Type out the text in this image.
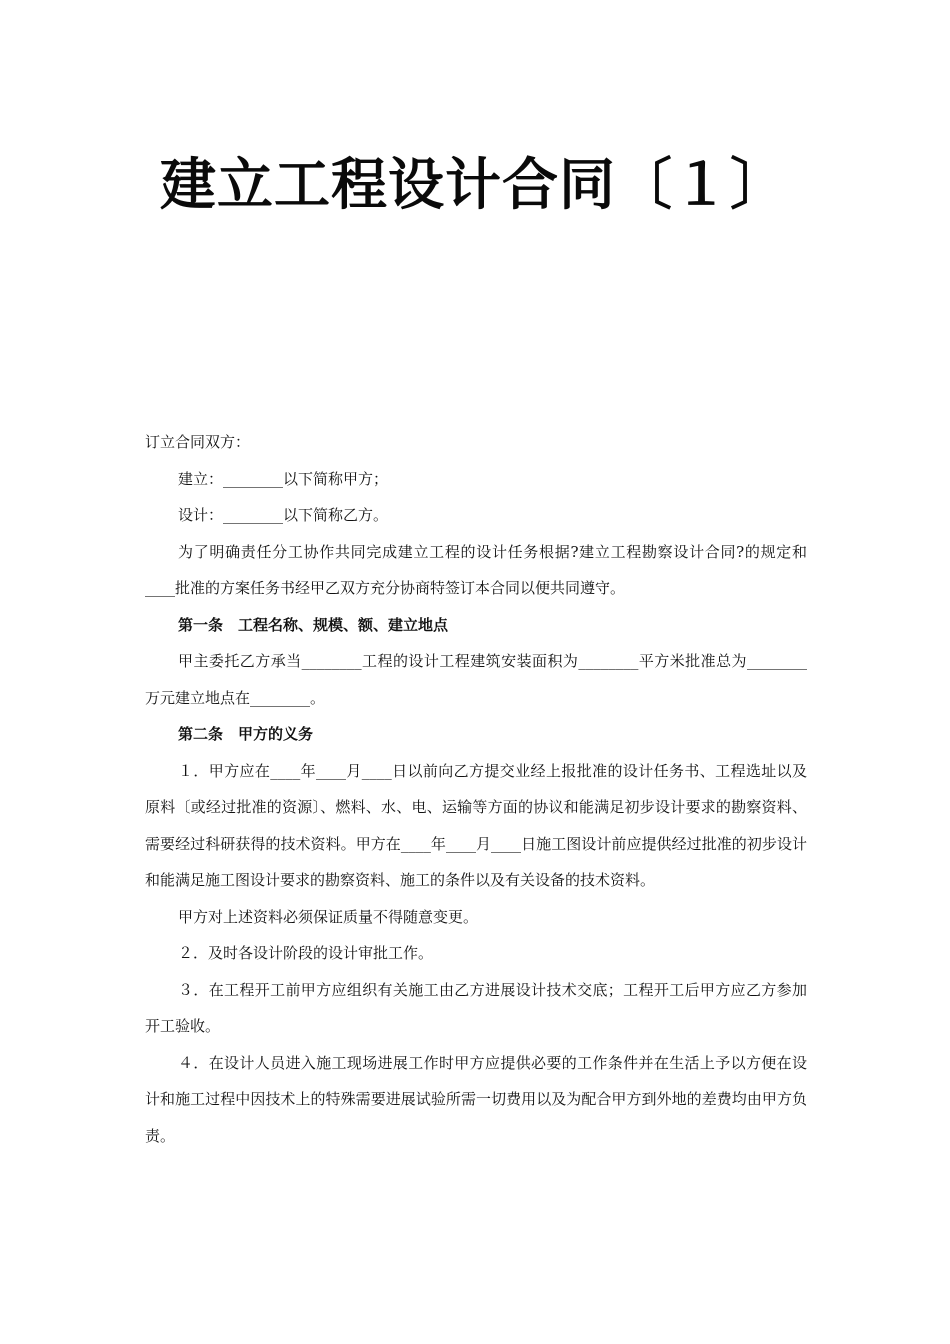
建立工程设计合同〔１〕

订立合同双方：

建立：________以下简称甲方；

设计：________以下简称乙方。

为了明确责任分工协作共同完成建立工程的设计任务根据?建立工程勘察设计合同?的规定和____批准的方案任务书经甲乙双方充分协商特签订本合同以便共同遵守。

第一条　工程名称、规模、额、建立地点

甲主委托乙方承当________工程的设计工程建筑安装面积为________平方米批准总为________万元建立地点在________。

第二条　甲方的义务

１．甲方应在____年____月____日以前向乙方提交业经上报批准的设计任务书、工程选址以及原料〔或经过批准的资源〕、燃料、水、电、运输等方面的协议和能满足初步设计要求的勘察资料、需要经过科研获得的技术资料。甲方在____年____月____日施工图设计前应提供经过批准的初步设计和能满足施工图设计要求的勘察资料、施工的条件以及有关设备的技术资料。

甲方对上述资料必须保证质量不得随意变更。

２．及时各设计阶段的设计审批工作。

３．在工程开工前甲方应组织有关施工由乙方进展设计技术交底；工程开工后甲方应乙方参加开工验收。

４．在设计人员进入施工现场进展工作时甲方应提供必要的工作条件并在生活上予以方便在设计和施工过程中因技术上的特殊需要进展试验所需一切费用以及为配合甲方到外地的差费均由甲方负责。
